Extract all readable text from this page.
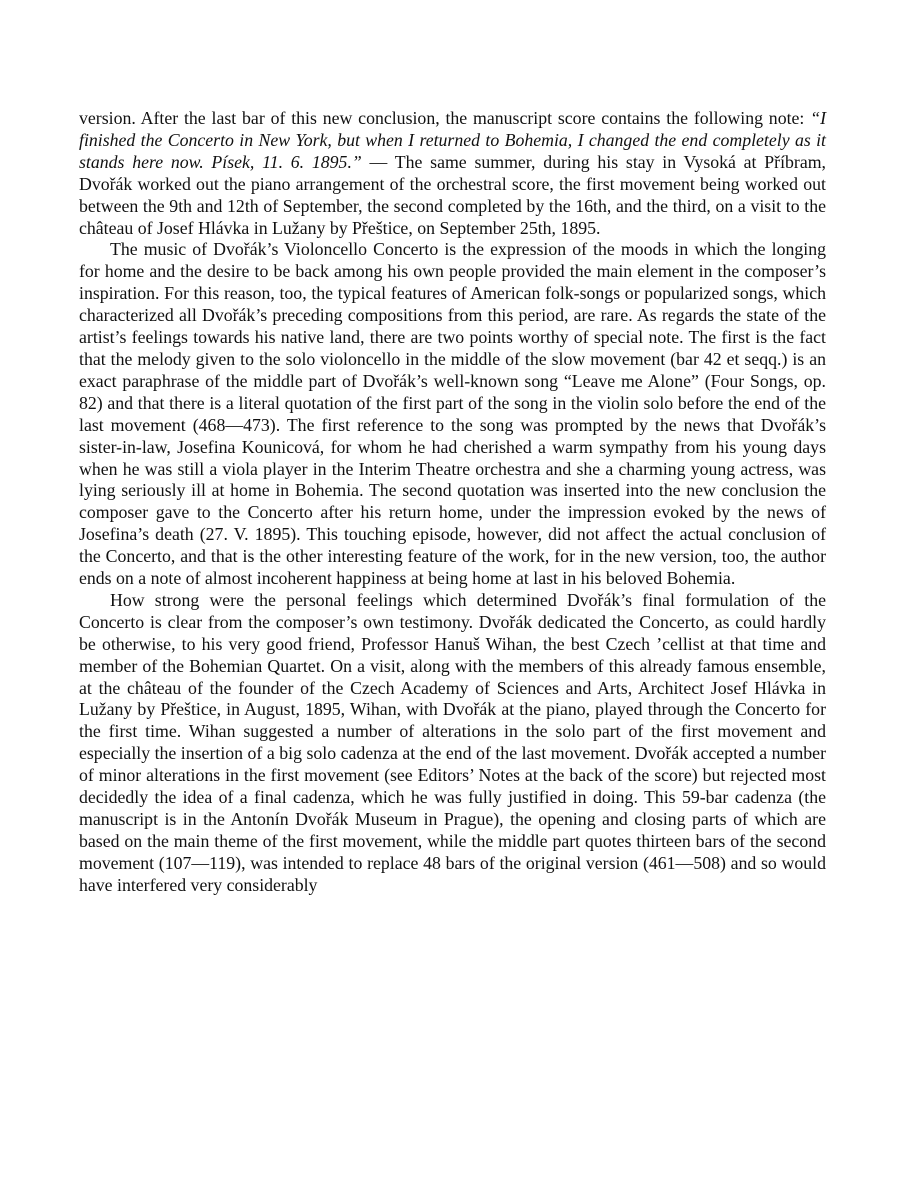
version. After the last bar of this new conclusion, the manuscript score contains the following note: “I finished the Concerto in New York, but when I returned to Bohemia, I changed the end completely as it stands here now. Písek, 11. 6. 1895.” — The same summer, during his stay in Vysoká at Příbram, Dvořák worked out the piano arrangement of the orchestral score, the first movement being worked out between the 9th and 12th of September, the second completed by the 16th, and the third, on a visit to the château of Josef Hlávka in Lužany by Přeštice, on September 25th, 1895.

The music of Dvořák’s Violoncello Concerto is the expression of the moods in which the longing for home and the desire to be back among his own people provided the main element in the composer’s inspiration. For this reason, too, the typical features of American folk-songs or popularized songs, which characterized all Dvořák’s preceding compositions from this period, are rare. As regards the state of the artist’s feelings towards his native land, there are two points worthy of special note. The first is the fact that the melody given to the solo violoncello in the middle of the slow movement (bar 42 et seqq.) is an exact paraphrase of the middle part of Dvořák’s well-known song “Leave me Alone” (Four Songs, op. 82) and that there is a literal quotation of the first part of the song in the violin solo before the end of the last movement (468—473). The first reference to the song was prompted by the news that Dvořák’s sister-in-law, Josefina Kounicová, for whom he had cherished a warm sympathy from his young days when he was still a viola player in the Interim Theatre orchestra and she a charming young actress, was lying seriously ill at home in Bohemia. The second quotation was inserted into the new conclusion the composer gave to the Concerto after his return home, under the impression evoked by the news of Josefina’s death (27. V. 1895). This touching episode, however, did not affect the actual conclusion of the Concerto, and that is the other interesting feature of the work, for in the new version, too, the author ends on a note of almost incoherent happiness at being home at last in his beloved Bohemia.

How strong were the personal feelings which determined Dvořák’s final formulation of the Concerto is clear from the composer’s own testimony. Dvořák dedicated the Concerto, as could hardly be otherwise, to his very good friend, Professor Hanuš Wihan, the best Czech ’cellist at that time and member of the Bohemian Quartet. On a visit, along with the members of this already famous ensemble, at the château of the founder of the Czech Academy of Sciences and Arts, Architect Josef Hlávka in Lužany by Přeštice, in August, 1895, Wihan, with Dvořák at the piano, played through the Concerto for the first time. Wihan suggested a number of alterations in the solo part of the first movement and especially the insertion of a big solo cadenza at the end of the last movement. Dvořák accepted a number of minor alterations in the first movement (see Editors’ Notes at the back of the score) but rejected most decidedly the idea of a final cadenza, which he was fully justified in doing. This 59-bar cadenza (the manuscript is in the Antonín Dvořák Museum in Prague), the opening and closing parts of which are based on the main theme of the first movement, while the middle part quotes thirteen bars of the second movement (107—119), was intended to replace 48 bars of the original version (461—508) and so would have interfered very considerably
